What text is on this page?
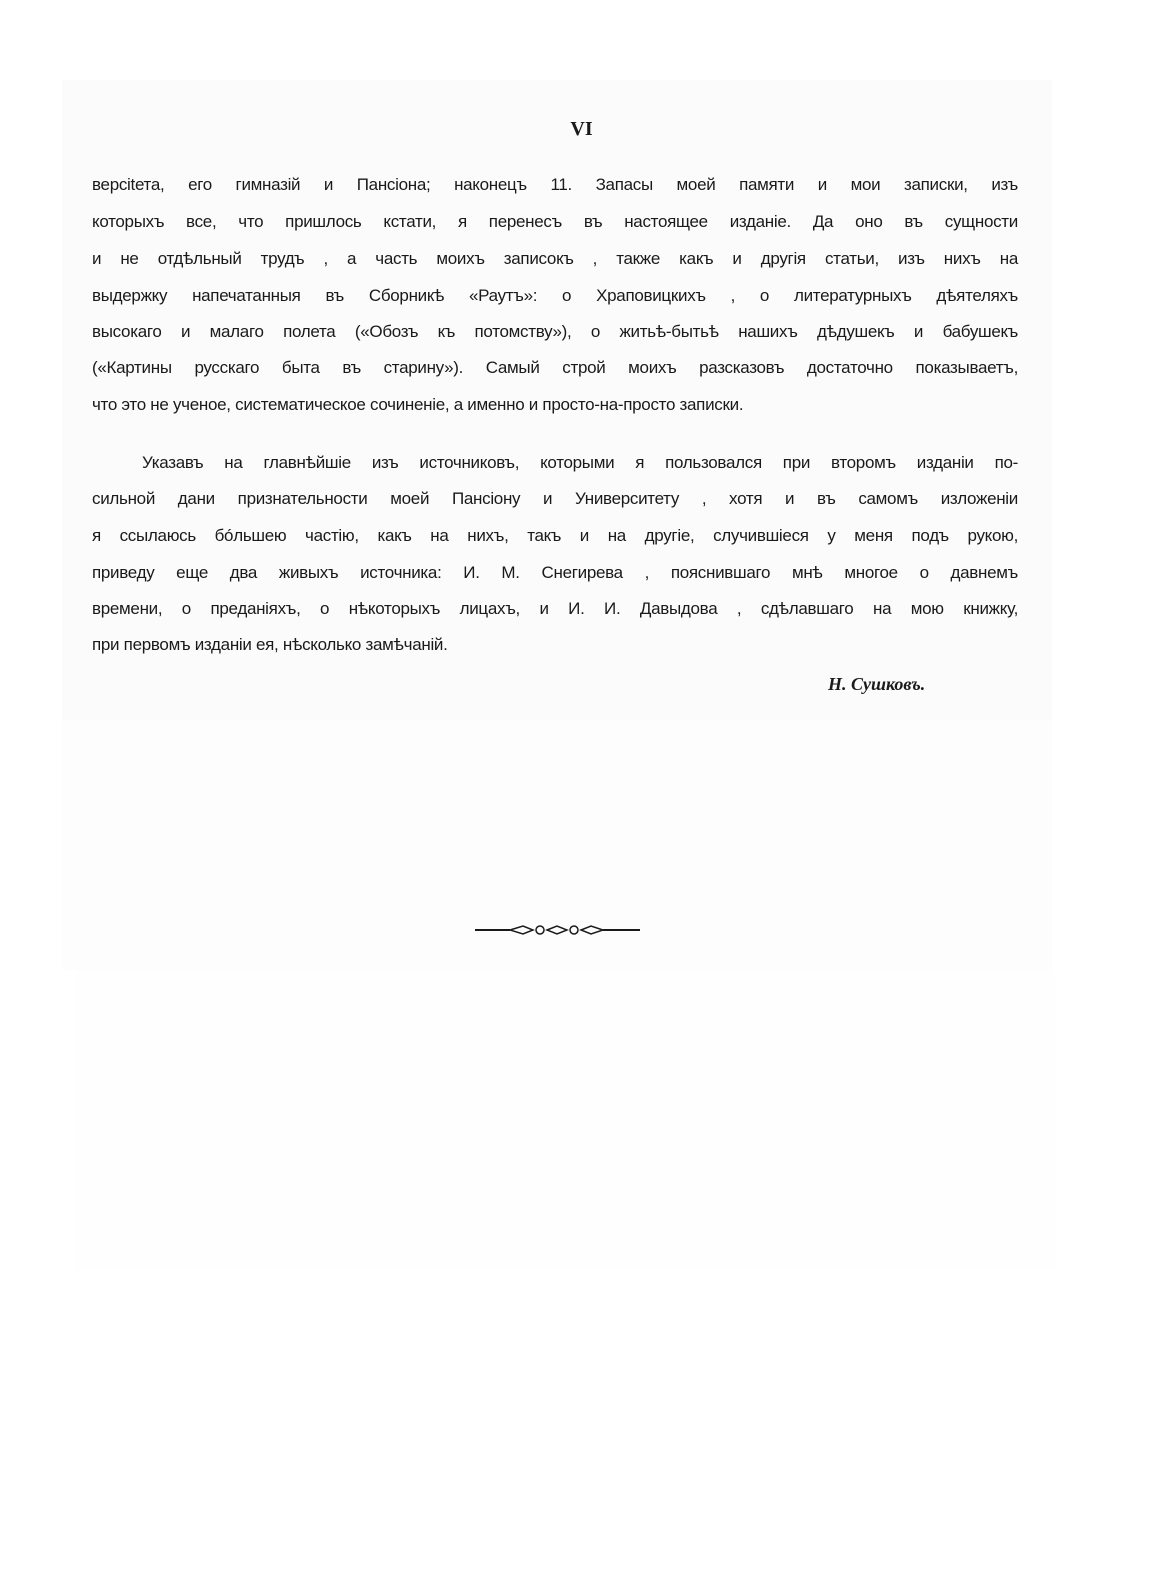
VI
версitета, его гимназій и Пансіона; наконецъ 11. Запасы моей памяти и мои записки, изъ
которыхъ все, что пришлось кстати, я перенесъ въ настоящее изданіе. Да оно въ сущности
и не отдѣльный трудъ , а часть моихъ записокъ , также какъ и другія статьи, изъ нихъ на
выдержку напечатанныя въ Сборникѣ «Раутъ»: о Храповицкихъ , о литературныхъ дѣятеляхъ
высокаго и малаго полета («Обозъ къ потомству»), о житьѣ-бытьѣ нашихъ дѣдушекъ и бабушекъ
(«Картины русскаго быта въ старину»). Самый строй моихъ разсказовъ достаточно показываетъ,
что это не ученое, систематическое сочиненіе, а именно и просто-на-просто записки.
Указавъ на главнѣйшіе изъ источниковъ, которыми я пользовался при второмъ изданіи по-
сильной дани признательности моей Пансіону и Университету , хотя и въ самомъ изложеніи
я ссылаюсь бóльшею частію, какъ на нихъ, такъ и на другіе, случившіеся у меня подъ рукою,
приведу еще два живыхъ источника: И. М. Снегирева , пояснившаго мнѣ многое о давнемъ
времени, о преданіяхъ, о нѣкоторыхъ лицахъ, и И. И. Давыдова , сдѣлавшаго на мою книжку,
при первомъ изданіи ея, нѣсколько замѣчаній.
Н. Сушковъ.
